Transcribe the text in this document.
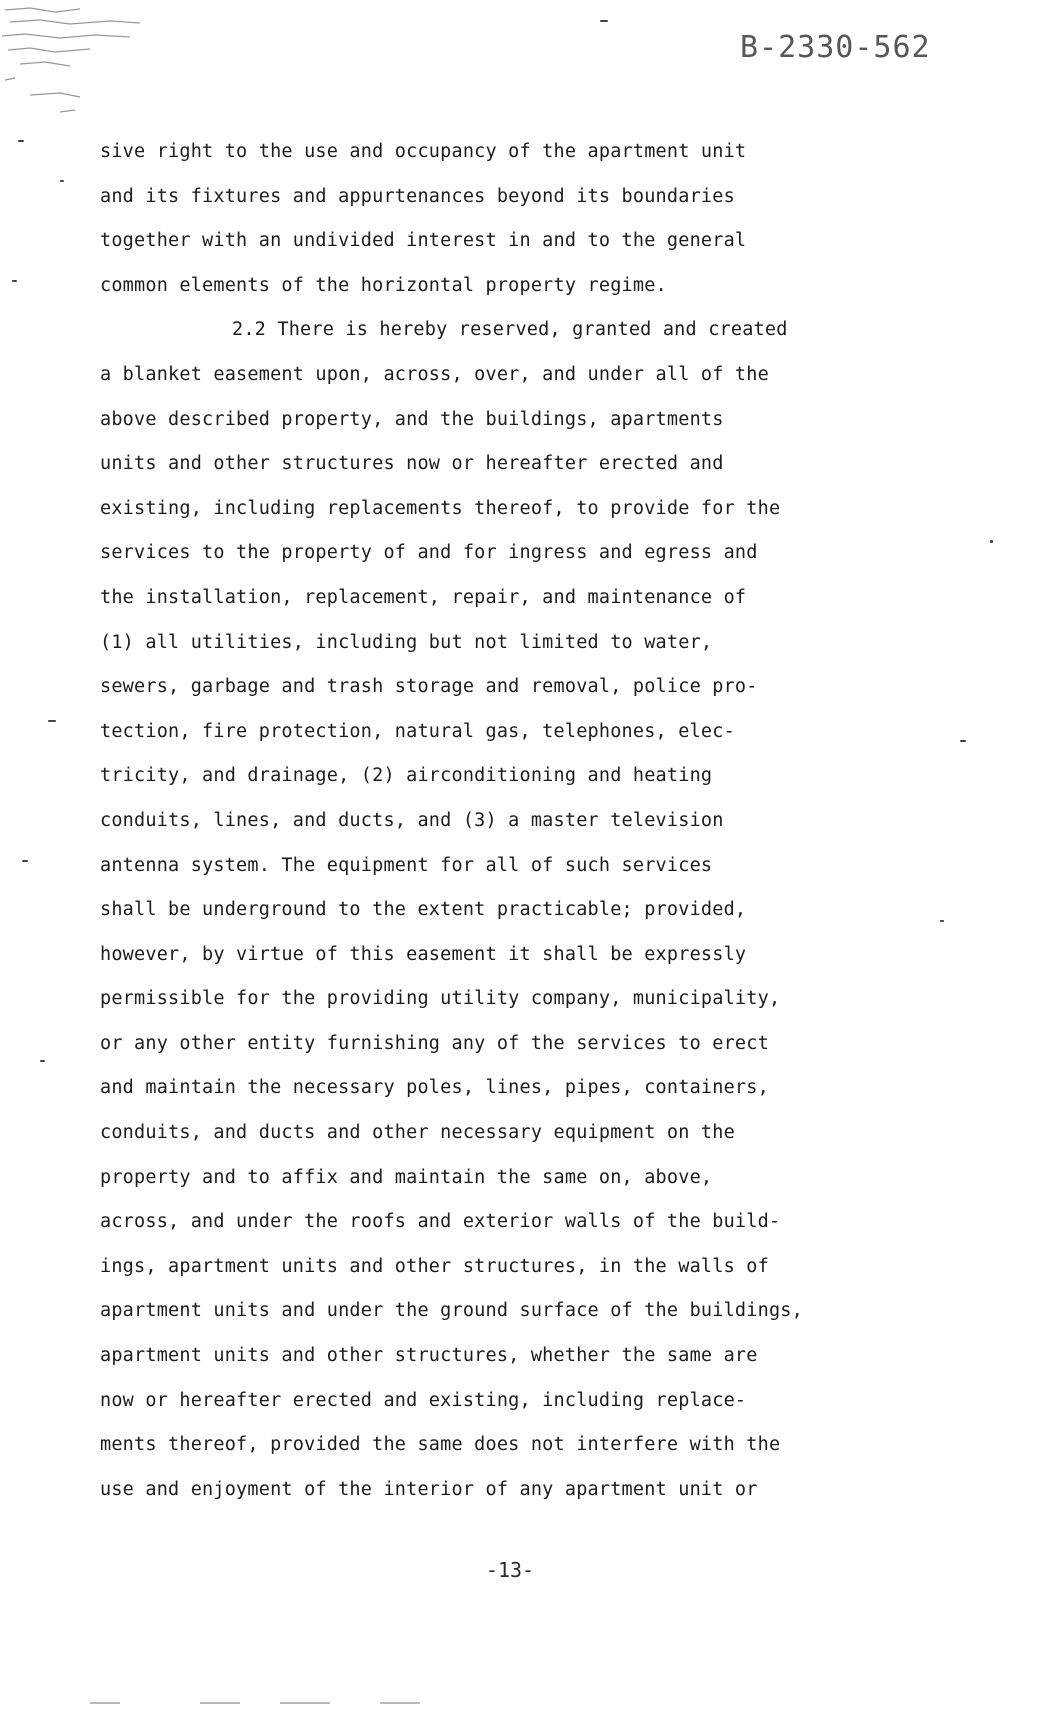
B-2330-562
sive right to the use and occupancy of the apartment unit
and its fixtures and appurtenances beyond its boundaries
together with an undivided interest in and to the general
common elements of the horizontal property regime.
2.2 There is hereby reserved, granted and created
a blanket easement upon, across, over, and under all of the
above described property, and the buildings, apartments
units and other structures now or hereafter erected and
existing, including replacements thereof, to provide for the
services to the property of and for ingress and egress and
the installation, replacement, repair, and maintenance of
(1) all utilities, including but not limited to water,
sewers, garbage and trash storage and removal, police pro-
tection, fire protection, natural gas, telephones, elec-
tricity, and drainage, (2) airconditioning and heating
conduits, lines, and ducts, and (3) a master television
antenna system. The equipment for all of such services
shall be underground to the extent practicable; provided,
however, by virtue of this easement it shall be expressly
permissible for the providing utility company, municipality,
or any other entity furnishing any of the services to erect
and maintain the necessary poles, lines, pipes, containers,
conduits, and ducts and other necessary equipment on the
property and to affix and maintain the same on, above,
across, and under the roofs and exterior walls of the build-
ings, apartment units and other structures, in the walls of
apartment units and under the ground surface of the buildings,
apartment units and other structures, whether the same are
now or hereafter erected and existing, including replace-
ments thereof, provided the same does not interfere with the
use and enjoyment of the interior of any apartment unit or
-13-
